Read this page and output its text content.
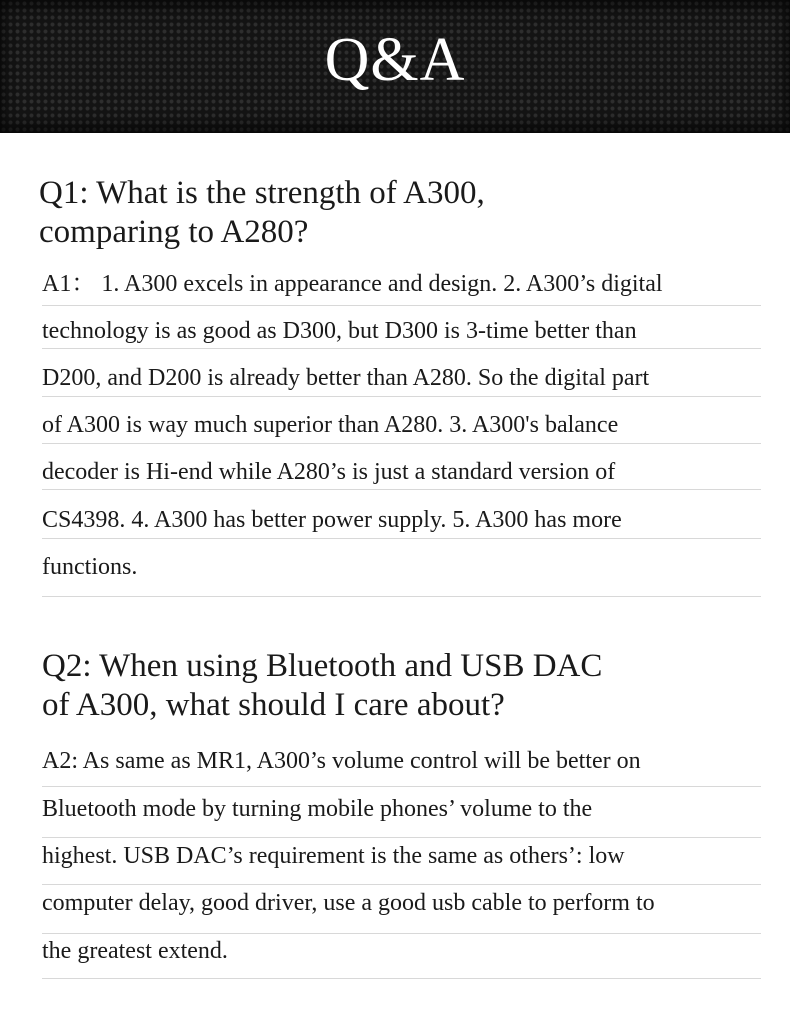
Q&A
Q1: What is the strength of A300,
comparing to A280?
A1： 1. A300 excels in appearance and design. 2. A300’s digital
technology is as good as D300, but D300 is 3-time better than
D200, and D200 is already better than A280. So the digital part
of A300 is way much superior than A280. 3. A300's balance
decoder is Hi-end while A280’s is just a standard version of
CS4398. 4. A300 has better power supply. 5. A300 has more
functions.
Q2: When using Bluetooth and USB DAC
of A300, what should I care about?
A2: As same as MR1, A300’s volume control will be better on
Bluetooth mode by turning mobile phones’ volume to the
highest. USB DAC’s requirement is the same as others’: low
computer delay, good driver, use a good usb cable to perform to
the greatest extend.
